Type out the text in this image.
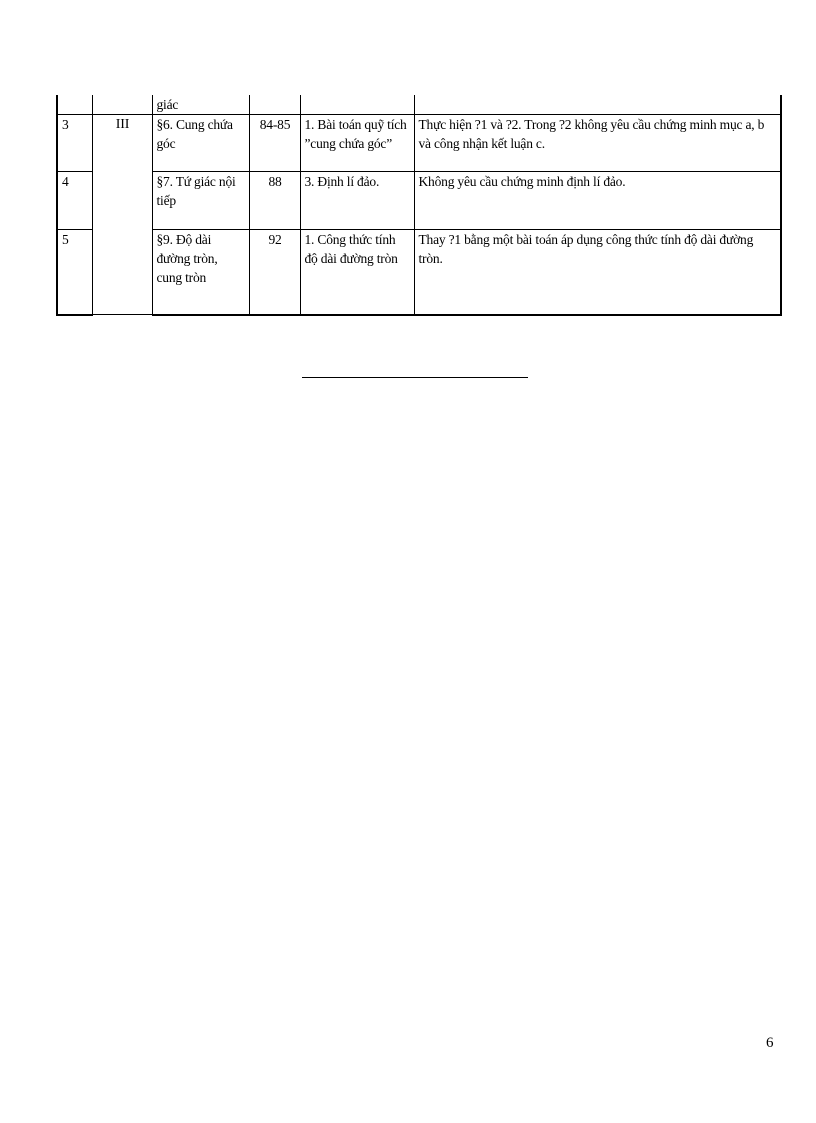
		giác			
3	III	§6. Cung chứa góc	84-85	1. Bài toán quỹ tích ”cung chứa góc”	Thực hiện ?1 và ?2. Trong ?2 không yêu cầu chứng minh mục a, b và công nhận kết luận c.
4		§7. Tứ giác nội tiếp	88	3. Định lí đảo.	Không yêu cầu chứng minh định lí đảo.
5		§9. Độ dài đường tròn, cung tròn	92	1. Công thức tính độ dài đường tròn	Thay ?1 bằng một bài toán áp dụng công thức tính độ dài đường tròn.
6
